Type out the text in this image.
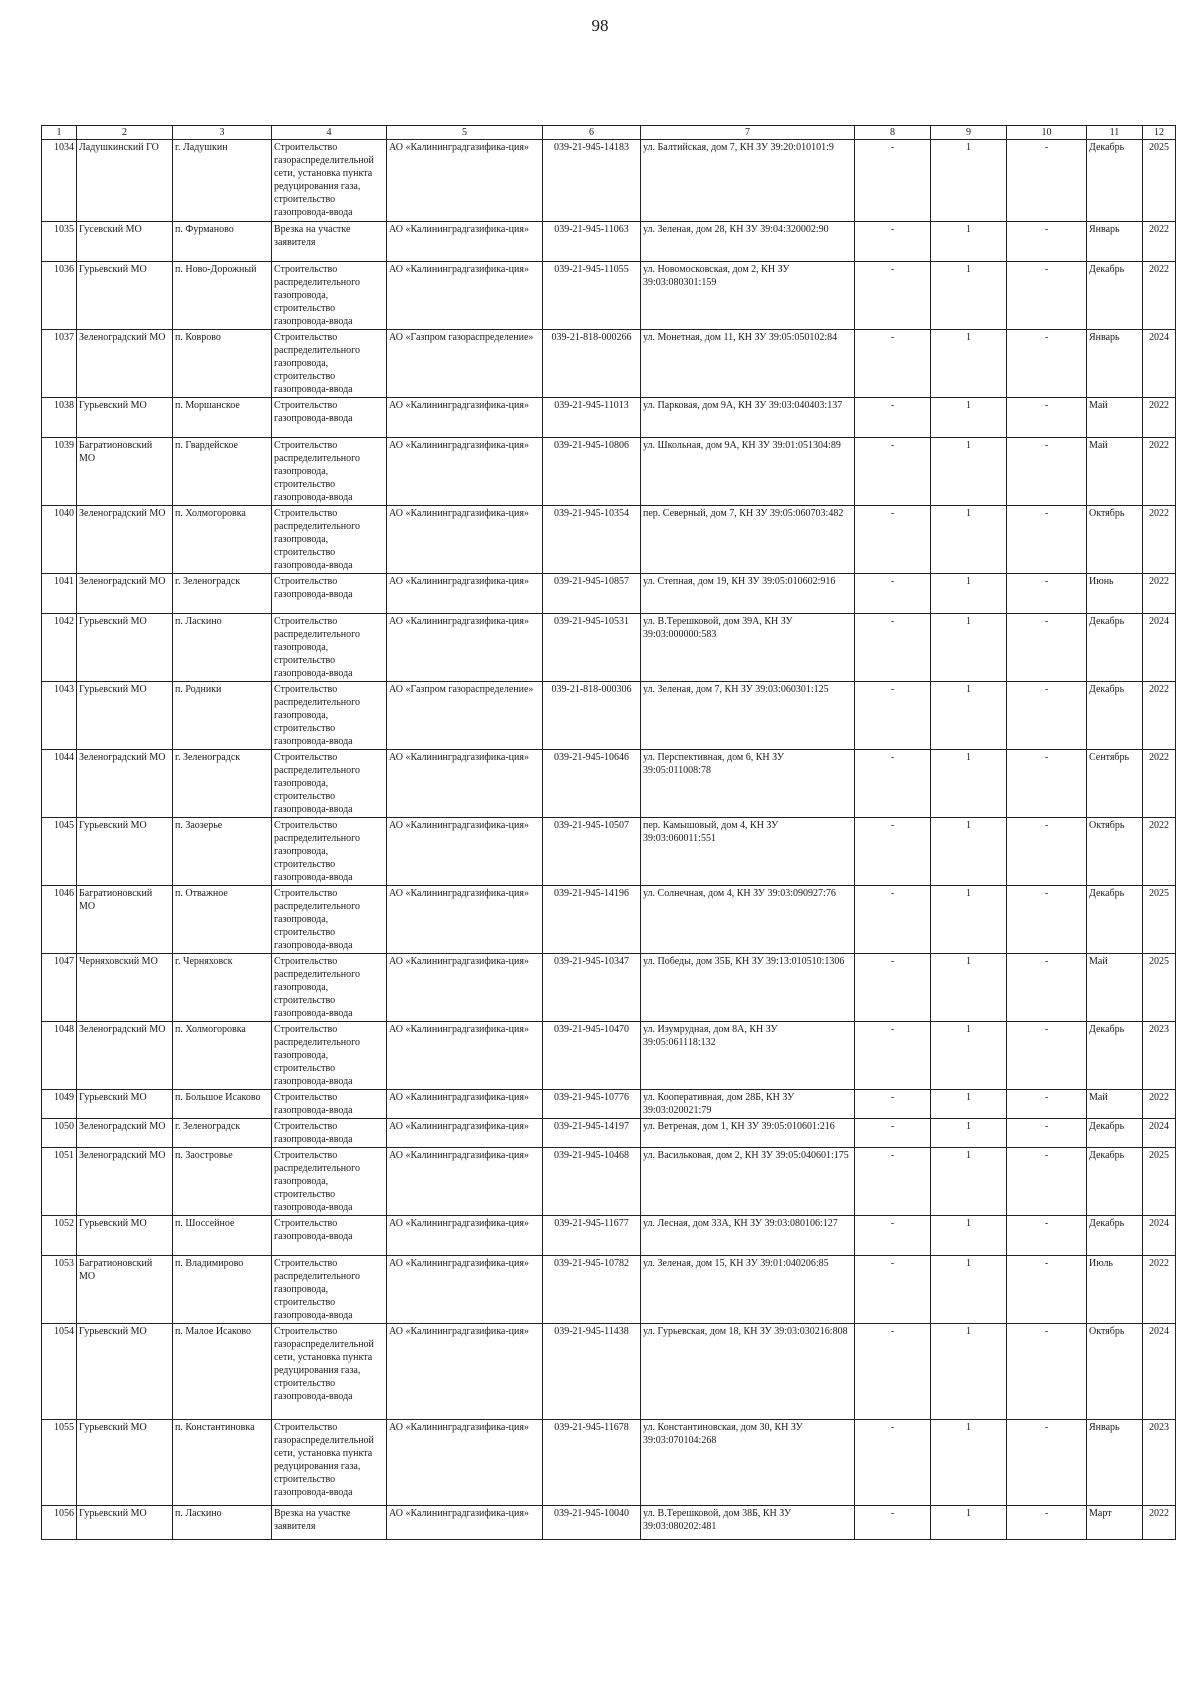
98
1	2	3	4	5	6	7	8	9	10	11	12
1034	Ладушкинский ГО	г. Ладушкин	Строительство газораспределительной сети, установка пункта редуцирования газа, строительство газопровода-ввода	АО «Калининградгазифика-ция»	039-21-945-14183	ул. Балтийская, дом 7, КН ЗУ 39:20:010101:9	-	1	-	Декабрь	2025
1035	Гусевский МО	п. Фурманово	Врезка на участке заявителя	АО «Калининградгазифика-ция»	039-21-945-11063	ул. Зеленая, дом 28, КН ЗУ 39:04:320002:90	-	1	-	Январь	2022
1036	Гурьевский МО	п. Ново-Дорожный	Строительство распределительного газопровода, строительство газопровода-ввода	АО «Калининградгазифика-ция»	039-21-945-11055	ул. Новомосковская, дом 2, КН ЗУ 39:03:080301:159	-	1	-	Декабрь	2022
1037	Зеленоградский МО	п. Коврово	Строительство распределительного газопровода, строительство газопровода-ввода	АО «Газпром газораспределение»	039-21-818-000266	ул. Монетная, дом 11, КН ЗУ 39:05:050102:84	-	1	-	Январь	2024
1038	Гурьевский МО	п. Моршанское	Строительство газопровода-ввода	АО «Калининградгазифика-ция»	039-21-945-11013	ул. Парковая, дом 9А, КН ЗУ 39:03:040403:137	-	1	-	Май	2022
1039	Багратионовский МО	п. Гвардейское	Строительство распределительного газопровода, строительство газопровода-ввода	АО «Калининградгазифика-ция»	039-21-945-10806	ул. Школьная, дом 9А, КН ЗУ 39:01:051304:89	-	1	-	Май	2022
1040	Зеленоградский МО	п. Холмогоровка	Строительство распределительного газопровода, строительство газопровода-ввода	АО «Калининградгазифика-ция»	039-21-945-10354	пер. Северный, дом 7, КН ЗУ 39:05:060703:482	-	1	-	Октябрь	2022
1041	Зеленоградский МО	г. Зеленоградск	Строительство газопровода-ввода	АО «Калининградгазифика-ция»	039-21-945-10857	ул. Степная, дом 19, КН ЗУ 39:05:010602:916	-	1	-	Июнь	2022
1042	Гурьевский МО	п. Ласкино	Строительство распределительного газопровода, строительство газопровода-ввода	АО «Калининградгазифика-ция»	039-21-945-10531	ул. В.Терешковой, дом 39А, КН ЗУ 39:03:000000:583	-	1	-	Декабрь	2024
1043	Гурьевский МО	п. Родники	Строительство распределительного газопровода, строительство газопровода-ввода	АО «Газпром газораспределение»	039-21-818-000306	ул. Зеленая, дом 7, КН ЗУ 39:03:060301:125	-	1	-	Декабрь	2022
1044	Зеленоградский МО	г. Зеленоградск	Строительство распределительного газопровода, строительство газопровода-ввода	АО «Калининградгазифика-ция»	039-21-945-10646	ул. Перспективная, дом 6, КН ЗУ 39:05:011008:78	-	1	-	Сентябрь	2022
1045	Гурьевский МО	п. Заозерье	Строительство распределительного газопровода, строительство газопровода-ввода	АО «Калининградгазифика-ция»	039-21-945-10507	пер. Камышовый, дом 4, КН ЗУ 39:03:060011:551	-	1	-	Октябрь	2022
1046	Багратионовский МО	п. Отважное	Строительство распределительного газопровода, строительство газопровода-ввода	АО «Калининградгазифика-ция»	039-21-945-14196	ул. Солнечная, дом 4, КН ЗУ 39:03:090927:76	-	1	-	Декабрь	2025
1047	Черняховский МО	г. Черняховск	Строительство распределительного газопровода, строительство газопровода-ввода	АО «Калининградгазифика-ция»	039-21-945-10347	ул. Победы, дом 35Б, КН ЗУ 39:13:010510:1306	-	1	-	Май	2025
1048	Зеленоградский МО	п. Холмогоровка	Строительство распределительного газопровода, строительство газопровода-ввода	АО «Калининградгазифика-ция»	039-21-945-10470	ул. Изумрудная, дом 8А, КН ЗУ 39:05:061118:132	-	1	-	Декабрь	2023
1049	Гурьевский МО	п. Большое Исаково	Строительство газопровода-ввода	АО «Калининградгазифика-ция»	039-21-945-10776	ул. Кооперативная, дом 28Б, КН ЗУ 39:03:020021:79	-	1	-	Май	2022
1050	Зеленоградский МО	г. Зеленоградск	Строительство газопровода-ввода	АО «Калининградгазифика-ция»	039-21-945-14197	ул. Ветреная, дом 1, КН ЗУ 39:05:010601:216	-	1	-	Декабрь	2024
1051	Зеленоградский МО	п. Заостровье	Строительство распределительного газопровода, строительство газопровода-ввода	АО «Калининградгазифика-ция»	039-21-945-10468	ул. Васильковая, дом 2, КН ЗУ 39:05:040601:175	-	1	-	Декабрь	2025
1052	Гурьевский МО	п. Шоссейное	Строительство газопровода-ввода	АО «Калининградгазифика-ция»	039-21-945-11677	ул. Лесная, дом 33А, КН ЗУ 39:03:080106:127	-	1	-	Декабрь	2024
1053	Багратионовский МО	п. Владимирово	Строительство распределительного газопровода, строительство газопровода-ввода	АО «Калининградгазифика-ция»	039-21-945-10782	ул. Зеленая, дом 15, КН ЗУ 39:01:040206:85	-	1	-	Июль	2022
1054	Гурьевский МО	п. Малое Исаково	Строительство газораспределительной сети, установка пункта редуцирования газа, строительство газопровода-ввода	АО «Калининградгазифика-ция»	039-21-945-11438	ул. Гурьевская, дом 18, КН ЗУ 39:03:030216:808	-	1	-	Октябрь	2024
1055	Гурьевский МО	п. Константиновка	Строительство газораспределительной сети, установка пункта редуцирования газа, строительство газопровода-ввода	АО «Калининградгазифика-ция»	039-21-945-11678	ул. Константиновская, дом 30, КН ЗУ 39:03:070104:268	-	1	-	Январь	2023
1056	Гурьевский МО	п. Ласкино	Врезка на участке заявителя	АО «Калининградгазифика-ция»	039-21-945-10040	ул. В.Терешковой, дом 38Б, КН ЗУ 39:03:080202:481	-	1	-	Март	2022
